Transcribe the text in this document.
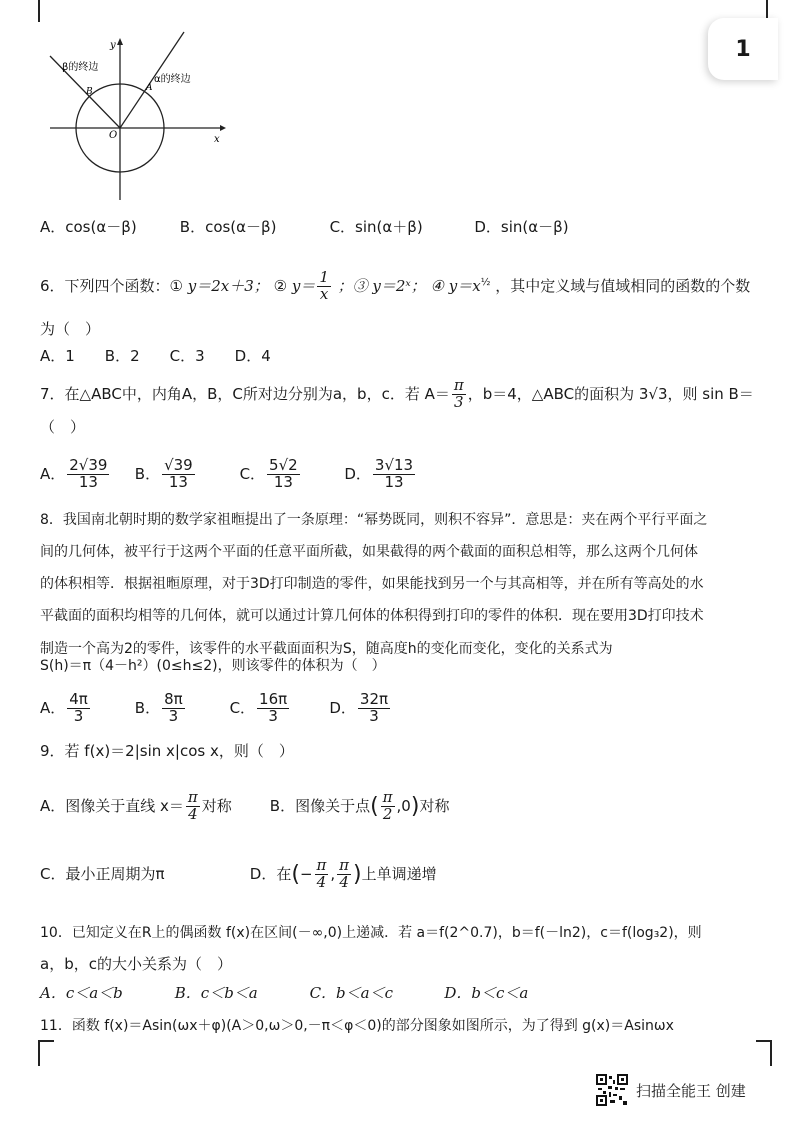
1
y
x
O
β的终边
α的终边
B	A
A．cos(α－β)	B．cos(α－β)	C．sin(α＋β)	D．sin(α－β)
6．下列四个函数：① y＝2x＋3； ② $y= \frac{1}{x}$ ；③ y＝2ˣ； ④ $y=x^{\frac{1}{2}}$ ，其中定义域与值域相同的函数的个数
为（　）
A．1　　B．2　　C．3　　D．4
7．在△ABC中，内角A，B，C所对边分别为a，b，c．若 $A= \frac{\pi}{3}$ ，b＝4，△ABC的面积为 3√3，则 sin B＝
（　）
A． $\frac{2√39}{13}$ B． $\frac{√39}{13}$	C． $\frac{5√2}{13}$	D． $\frac{3√13}{13}$
8．我国南北朝时期的数学家祖暅提出了一条原理：“幂势既同，则积不容异”．意思是：夹在两个平行平面之
间的几何体，被平行于这两个平面的任意平面所截，如果截得的两个截面的面积总相等，那么这两个几何体
的体积相等．根据祖暅原理，对于3D打印制造的零件，如果能找到另一个与其高相等，并在所有等高处的水
平截面的面积均相等的几何体，就可以通过计算几何体的体积得到打印的零件的体积．现在要用3D打印技术
制造一个高为2的零件，该零件的水平截面面积为S，随高度h的变化而变化，变化的关系式为
S(h)＝π（4－h²）(0≤h≤2)，则该零件的体积为（　）
A． $\frac{4\pi}{3}$	B． $\frac{8\pi}{3}$	C． $\frac{16\pi}{3}$	D． $\frac{32\pi}{3}$
9．若 f(x)＝2|sin x|cos x，则（　）
A．图像关于直线 $x= \frac{\pi}{4}$ 对称	B．图像关于点( $\frac{\pi}{2} ,0$)对称
C．最小正周期为π	D．在(− $\frac{\pi}{4}$ , $\frac{\pi}{4}$ )上单调递增
10．已知定义在R上的偶函数 f(x)在区间(－∞,0)上递减．若 a＝f(2^0.7)，b＝f(－ln2)，c＝f(log₃2)，则
a，b，c的大小关系为（　）
A．c＜a＜b	B．c＜b＜a	C．b＜a＜c	D．b＜c＜a
11．函数 f(x)＝Asin(ωx＋φ)(A＞0,ω＞0,－π＜φ＜0)的部分图象如图所示，为了得到 g(x)＝Asinωx
扫描全能王 创建
